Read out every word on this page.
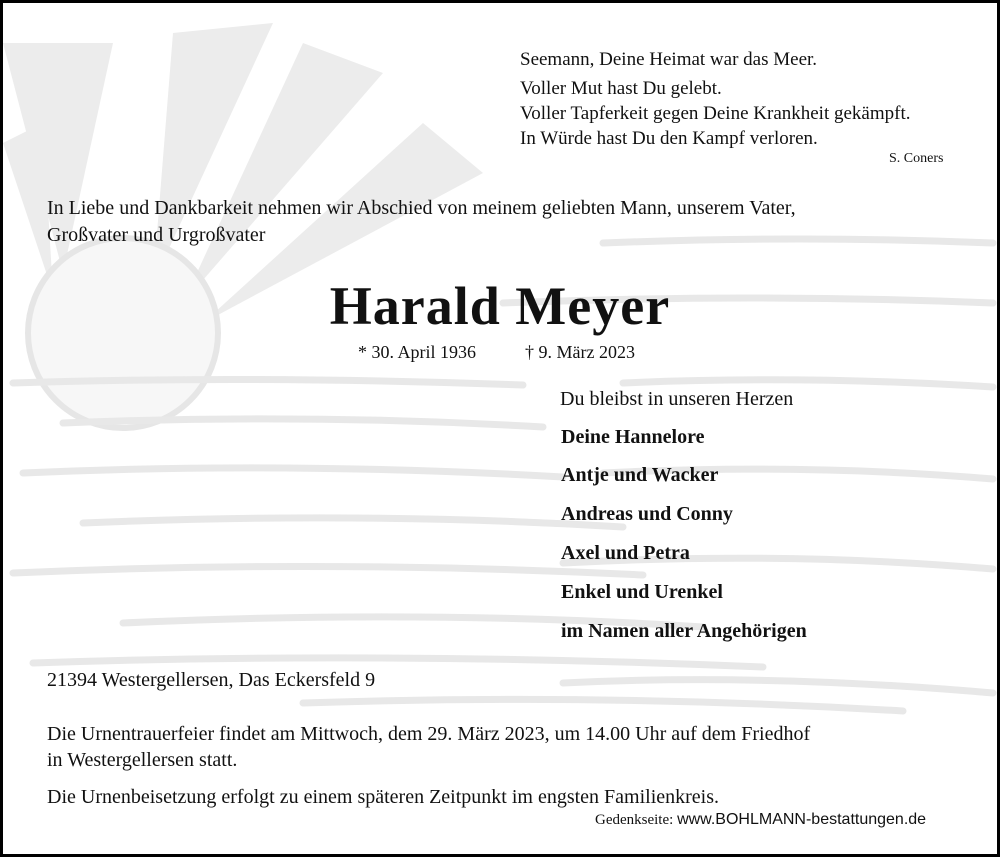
Seemann, Deine Heimat war das Meer.
Voller Mut hast Du gelebt.
Voller Tapferkeit gegen Deine Krankheit gekämpft.
In Würde hast Du den Kampf verloren.
S. Coners
In Liebe und Dankbarkeit nehmen wir Abschied von meinem geliebten Mann, unserem Vater,
Großvater und Urgroßvater
Harald Meyer
* 30. April 1936	† 9. März 2023
Du bleibst in unseren Herzen
Deine Hannelore
Antje und Wacker
Andreas und Conny
Axel und Petra
Enkel und Urenkel
im Namen aller Angehörigen
21394 Westergellersen, Das Eckersfeld 9
Die Urnentrauerfeier findet am Mittwoch, dem 29. März 2023, um 14.00 Uhr auf dem Friedhof
in Westergellersen statt.
Die Urnenbeisetzung erfolgt zu einem späteren Zeitpunkt im engsten Familienkreis.
Gedenkseite: www.BOHLMANN-bestattungen.de
